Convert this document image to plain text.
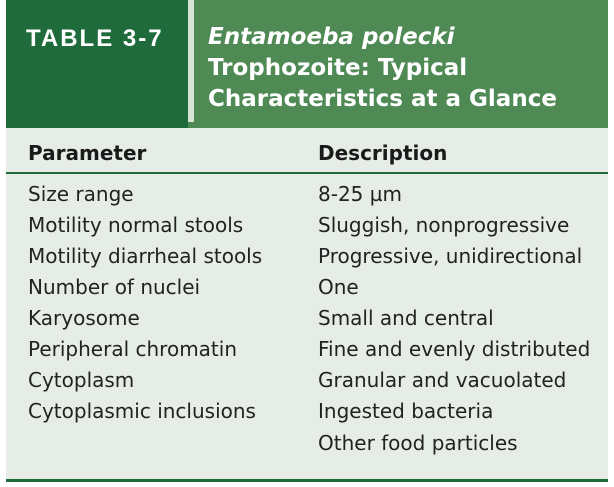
TABLE 3-7 Entamoeba polecki
Trophozoite: Typical
Characteristics at a Glance
Parameter	Description
Size range	8-25 µm
Motility normal stools	Sluggish, nonprogressive
Motility diarrheal stools	Progressive, unidirectional
Number of nuclei	One
Karyosome	Small and central
Peripheral chromatin	Fine and evenly distributed
Cytoplasm	Granular and vacuolated
Cytoplasmic inclusions	Ingested bacteria
Other food particles
